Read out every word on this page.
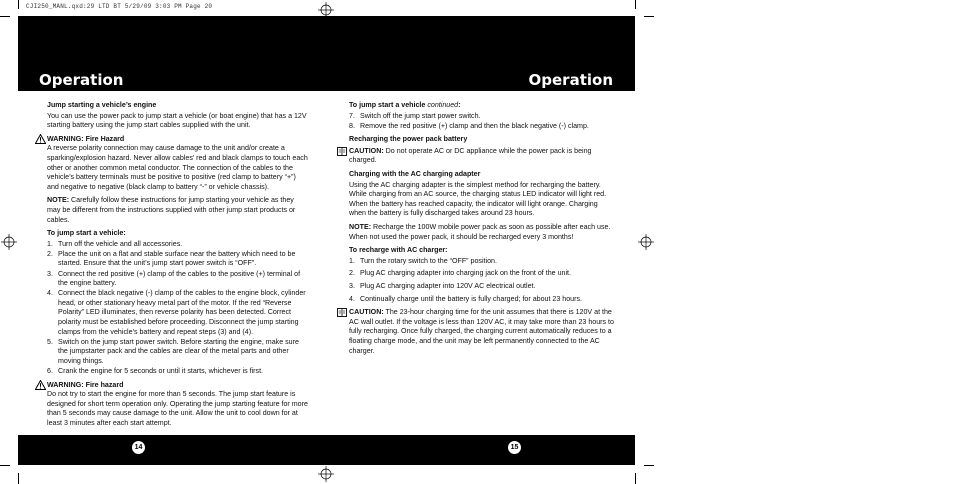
CJI250_MANL.qxd:29 LTD BT 5/29/09 3:03 PM Page 20
Operation	Operation
Jump starting a vehicle’s engine
You can use the power pack to jump start a vehicle (or boat engine) that has a 12V starting battery using the jump start cables supplied with the unit.
WARNING: Fire Hazard
A reverse polarity connection may cause damage to the unit and/or create a sparking/explosion hazard. Never allow cables’ red and black clamps to touch each other or another common metal conductor. The connection of the cables to the vehicle’s battery terminals must be positive to positive (red clamp to battery “+”) and negative to negative (black clamp to battery “-” or vehicle chassis).
NOTE: Carefully follow these instructions for jump starting your vehicle as they may be different from the instructions supplied with other jump start products or cables.
To jump start a vehicle:
1. Turn off the vehicle and all accessories.
2. Place the unit on a flat and stable surface near the battery which need to be started. Ensure that the unit’s jump start power switch is “OFF”.
3. Connect the red positive (+) clamp of the cables to the positive (+) terminal of the engine battery.
4. Connect the black negative (-) clamp of the cables to the engine block, cylinder head, or other stationary heavy metal part of the motor. If the red “Reverse Polarity” LED illuminates, then reverse polarity has been detected. Correct polarity must be established before proceeding. Disconnect the jump starting clamps from the vehicle’s battery and repeat steps (3) and (4).
5. Switch on the jump start power switch. Before starting the engine, make sure the jumpstarter pack and the cables are clear of the metal parts and other moving things.
6. Crank the engine for 5 seconds or until it starts, whichever is first.
WARNING: Fire hazard
Do not try to start the engine for more than 5 seconds. The jump start feature is designed for short term operation only. Operating the jump starting feature for more than 5 seconds may cause damage to the unit. Allow the unit to cool down for at least 3 minutes after each start attempt.
To jump start a vehicle continued:
7. Switch off the jump start power switch.
8. Remove the red positive (+) clamp and then the black negative (-) clamp.
Recharging the power pack battery
CAUTION: Do not operate AC or DC appliance while the power pack is being charged.
Charging with the AC charging adapter
Using the AC charging adapter is the simplest method for recharging the battery. While charging from an AC source, the charging status LED indicator will light red. When the battery has reached capacity, the indicator will light orange. Charging when the battery is fully discharged takes around 23 hours.
NOTE: Recharge the 100W mobile power pack as soon as possible after each use. When not used the power pack, it should be recharged every 3 months!
To recharge with AC charger:
1. Turn the rotary switch to the “OFF” position.
2. Plug AC charging adapter into charging jack on the front of the unit.
3. Plug AC charging adapter into 120V AC electrical outlet.
4. Continually charge until the battery is fully charged; for about 23 hours.
CAUTION: The 23-hour charging time for the unit assumes that there is 120V at the AC wall outlet. If the voltage is less than 120V AC, it may take more than 23 hours to fully recharging. Once fully charged, the charging current automatically reduces to a floating charge mode, and the unit may be left permanently connected to the AC charger.
14	15
